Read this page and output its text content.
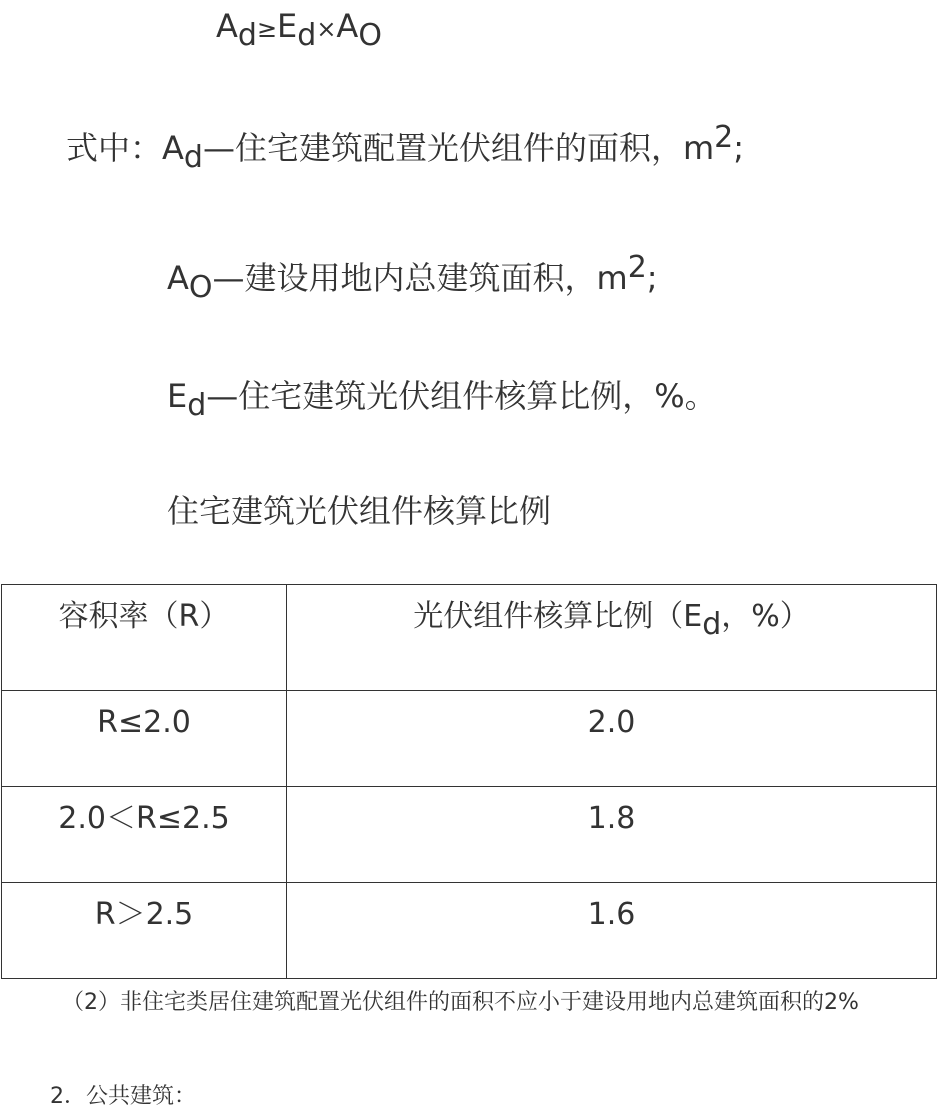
Ad≥Ed×AO
式中：Ad—住宅建筑配置光伏组件的面积，m2;
AO—建设用地内总建筑面积，m2;
Ed—住宅建筑光伏组件核算比例，%。
住宅建筑光伏组件核算比例
容积率（R）	光伏组件核算比例（Ed，%）
R≤2.0	2.0
2.0＜R≤2.5	1.8
R＞2.5	1.6
（2）非住宅类居住建筑配置光伏组件的面积不应小于建设用地内总建筑面积的2%
2．公共建筑：
